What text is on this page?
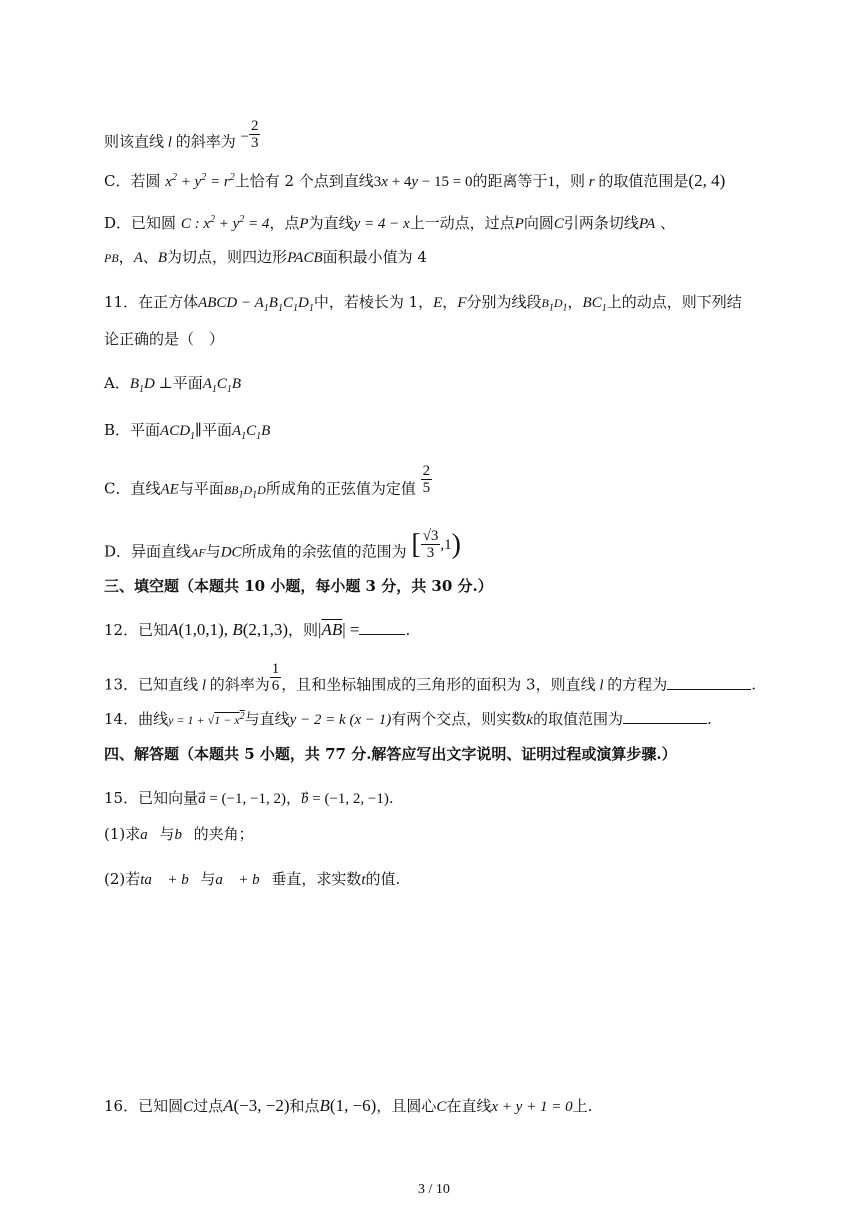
则该直线 l 的斜率为 − $\frac{2}{3}$
C．若圆 $x^2 + y^2 = r^2$上恰有 2 个点到直线3x + 4y − 15 = 0的距离等于1，则 r 的取值范围是(2, 4)
D．已知圆 C : $x^2 + y^2 = 4$，点P为直线y = 4 − x上一动点，过点P向圆C引两条切线PA 、
PB，A、B为切点，则四边形PACB面积最小值为 4
11．在正方体ABCD − $A_1B_1C_1D_1$中，若棱长为 1，E，F分别为线段$B_1D_1$，$BC_1$上的动点，则下列结
论正确的是（　）
A．$B_1D$ ⊥平面$A_1C_1B$
B．平面$ACD_1\parallel$平面$A_1C_1B$
C．直线AE与平面$BB_1D_1D$所成角的正弦值为定值 $\frac{2}{5}$
D．异面直线AF与DC所成角的余弦值的范围为 [ $\frac{√3}{3} ,1$)
三、填空题（本题共 10 小题，每小题 3 分，共 30 分.）
12．已知A(1,0,1), B(2,1,3)，则$|\overline{AB}|$ =	.
13．已知直线 l 的斜率为 $\frac{1}{6}$ ，且和坐标轴围成的三角形的面积为 3，则直线 l 的方程为	.
14．曲线$y = 1 + √1 - x^2$与直线y − 2 = k (x − 1)有两个交点，则实数k的取值范围为	.
四、解答题（本题共 5 小题，共 77 分.解答应写出文字说明、证明过程或演算步骤.）
15．已知向量a⃗ = (−1, −1, 2)，b⃗ = (−1, 2, −1).
(1)求a⃗与b⃗的夹角；
(2)若ta⃗ + b⃗与a⃗ + b⃗垂直，求实数t的值.
16．已知圆C过点A(−3, −2)和点B(1, −6)，且圆心C在直线x + y + 1 = 0上.
3 / 10
